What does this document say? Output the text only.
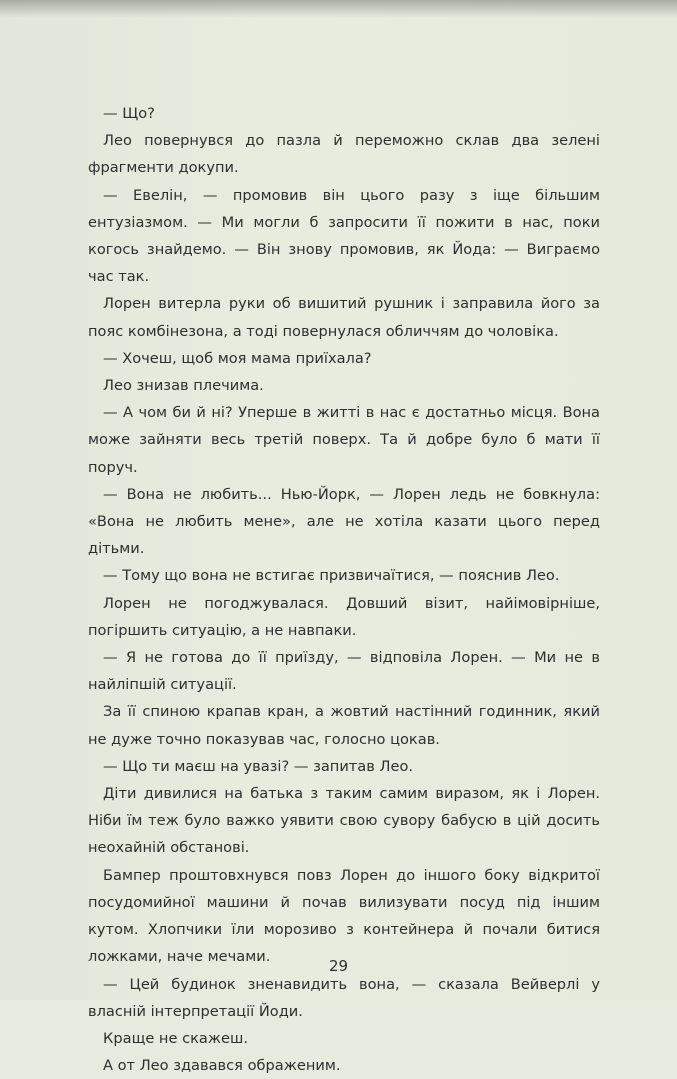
— Що?

Лео повернувся до пазла й переможно склав два зелені фрагменти докупи.

— Евелін, — промовив він цього разу з іще більшим ентузіазмом. — Ми могли б запросити її пожити в нас, поки когось знайдемо. — Він знову промовив, як Йода: — Виграємо час так.

Лорен витерла руки об вишитий рушник і заправила його за пояс комбінезона, а тоді повернулася обличчям до чоловіка.

— Хочеш, щоб моя мама приїхала?

Лео знизав плечима.

— А чом би й ні? Уперше в житті в нас є достатньо місця. Вона може зайняти весь третій поверх. Та й добре було б мати її поруч.

— Вона не любить... Нью-Йорк, — Лорен ледь не бовкнула: «Вона не любить мене», але не хотіла казати цього перед дітьми.

— Тому що вона не встигає призвичаїтися, — пояснив Лео.

Лорен не погоджувалася. Довший візит, найімовірніше, погіршить ситуацію, а не навпаки.

— Я не готова до її приїзду, — відповіла Лорен. — Ми не в найліпшій ситуації.

За її спиною крапав кран, а жовтий настінний годинник, який не дуже точно показував час, голосно цокав.

— Що ти маєш на увазі? — запитав Лео.

Діти дивилися на батька з таким самим виразом, як і Лорен. Ніби їм теж було важко уявити свою сувору бабусю в цій досить неохайній обстанові.

Бампер проштовхнувся повз Лорен до іншого боку відкритої посудомийної машини й почав вилизувати посуд під іншим кутом. Хлопчики їли морозиво з контейнера й почали битися ложками, наче мечами.

— Цей будинок зненавидить вона, — сказала Вейверлі у власній інтерпретації Йоди.

Краще не скажеш.

А от Лео здавався ображеним.

29
